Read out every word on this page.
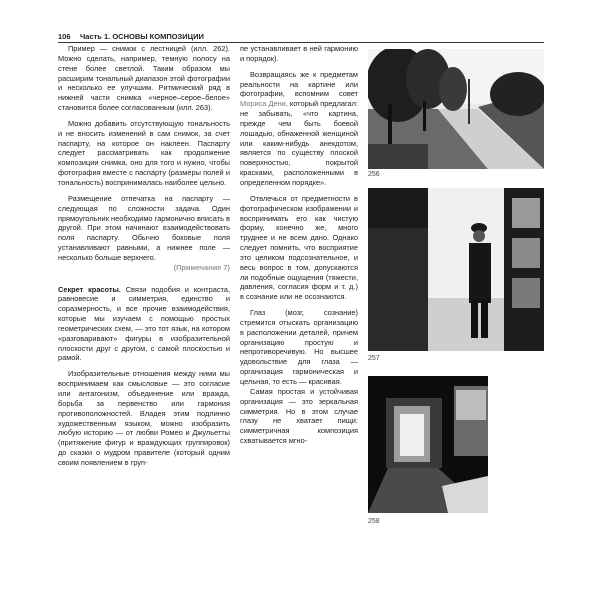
106 Часть 1. ОСНОВЫ КОМПОЗИЦИИ

Пример — снимок с лестницей (илл. 262). Можно сделать, например, темную полосу на стене более светлой. Таким образом мы расширим тональный диапазон этой фотографии и несколько ее улучшим. Ритмический ряд в нижней части снимка «черное–серое–белое» становится более согласованным (илл. 263).

Можно добавить отсутствующую тональность и не вносить изменений в сам снимок, за счет паспарту, на которое он наклеен. Паспарту следует рассматривать как продолжение композиции снимка, оно для того и нужно, чтобы фотография вместе с паспарту (размеры полей и тональность) воспринималась наиболее цельно.

Размещение отпечатка на паспарту — следующая по сложности задача. Один прямоугольник необходимо гармонично вписать в другой. При этом начинают взаимодействовать поля паспарту. Обычно боковые поля устанавливают равными, а нижнее поле — несколько больше верхнего.

(Примечание 7)

Секрет красоты. Связи подобия и контраста, равновесие и симметрия, единство и соразмерность, и все прочие взаимодействия, которые мы изучаем с помощью простых геометрических схем, — это тот язык, на котором «разговаривают» фигуры в изобразительной плоскости друг с другом, с самой плоскостью и рамой.

Изобразительные отношения между ними мы воспринимаем как смысловые — это согласие или антагонизм, объединение или вражда, борьба за первенство или гармония противоположностей. Владея этим подлинно художественным языком, можно изобразить любую историю — от любви Ромео и Джульетты (притяжение фигур и враждующих группировок) до сказки о мудром правителе (который одним своим появлением в груп-

пе устанавливает в ней гармонию и порядок).

Возвращаясь же к предметам реальности на картине или фотографии, вспомним совет Мориса Дени, который предлагал: не забывать, «что картина, прежде чем быть боевой лошадью, обнаженной женщиной или каким-нибудь анекдотом, является по существу плоской поверхностью, покрытой красками, расположенными в определенном порядке».

Отвлечься от предметности в фотографическом изображении и воспринимать его как чистую форму, конечно же, много труднее и не всем дано. Однако следует помнить, что восприятие это целиком подсознательное, и весь вопрос в том, допускаются ли подобные ощущения (тяжести, давления, согласия форм и т. д.) в сознание или не осознаются.

Глаз (мозг, сознание) стремится отыскать организацию в расположении деталей, причем организацию простую и непротиворечивую. Но высшее удовольствие для глаза — организация гармоническая и цельная, то есть — красивая.

Самая простая и устойчивая организация — это зеркальная симметрия. Но в этом случае глазу не хватает пищи: симметричная композиция схватывается мгно-

256
257
258
